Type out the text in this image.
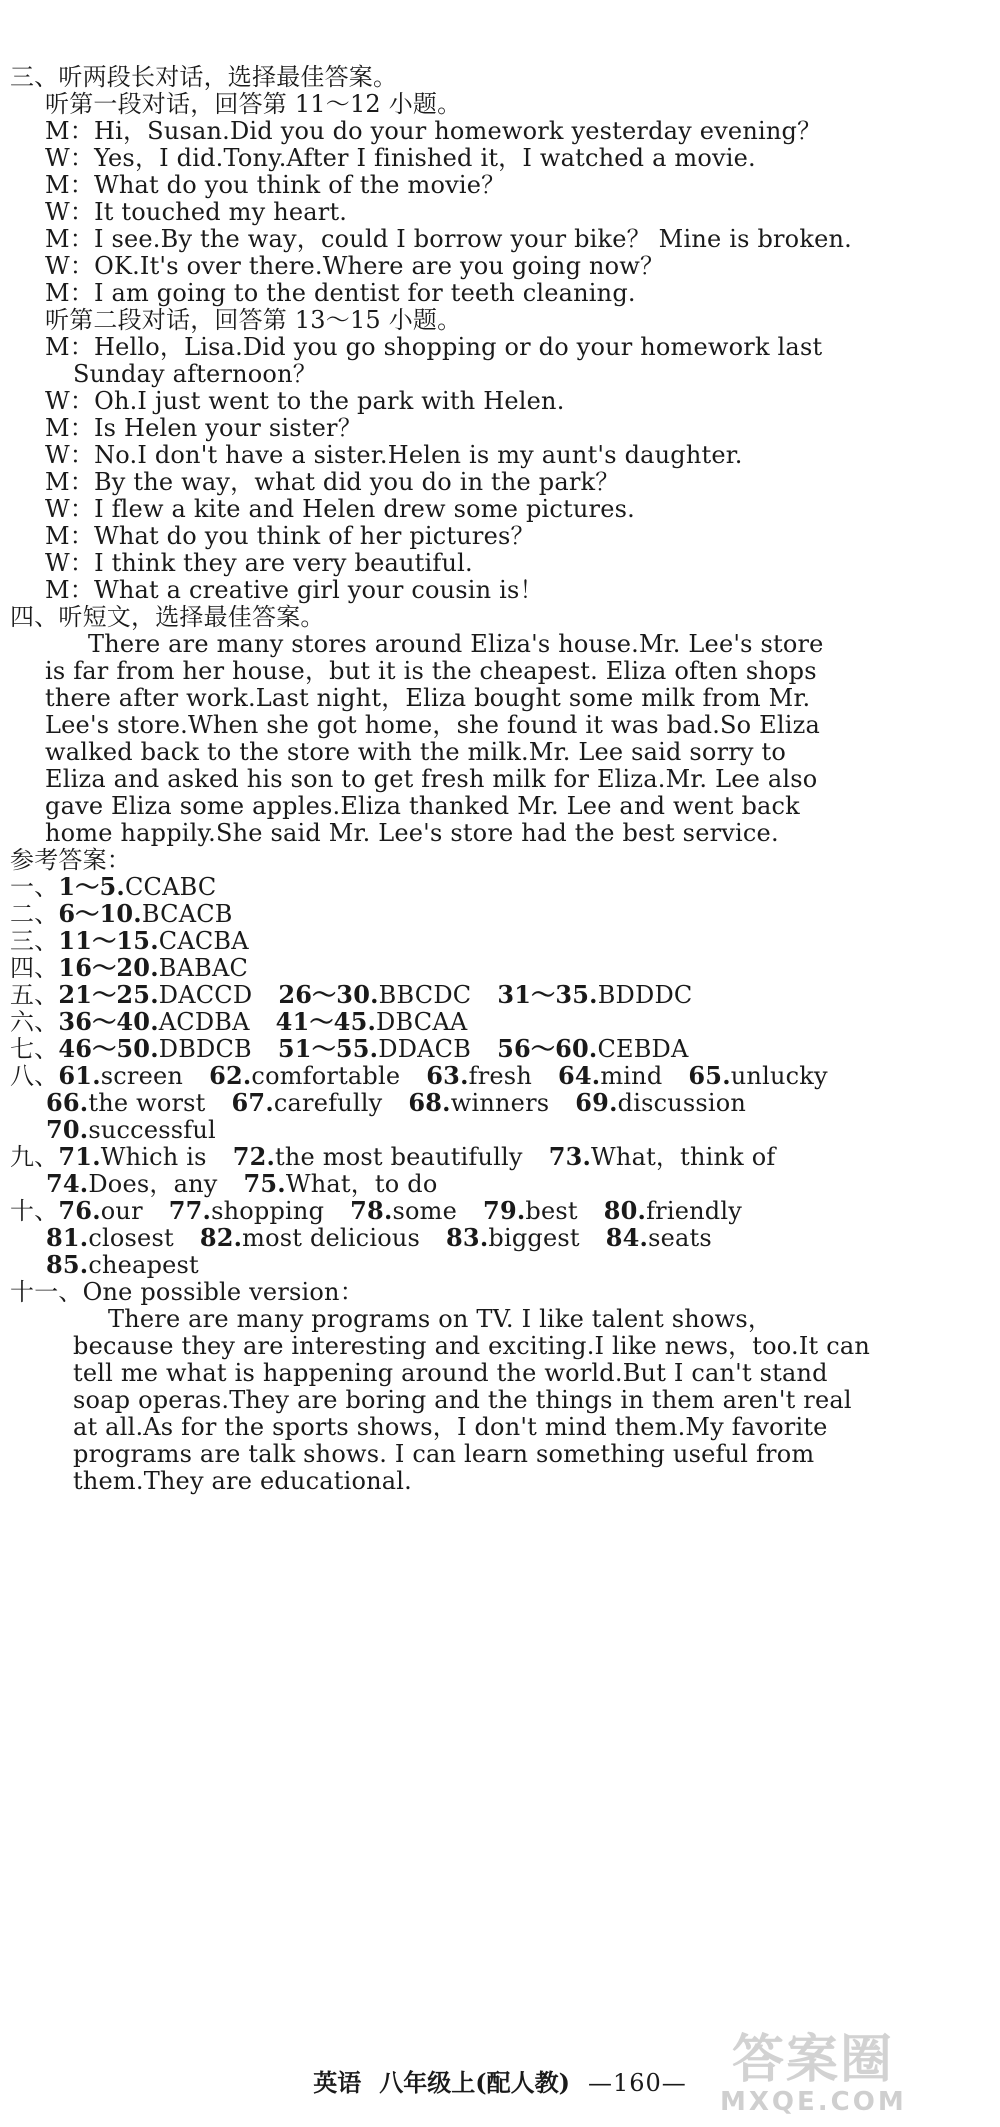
三、听两段长对话，选择最佳答案。
听第一段对话，回答第 11～12 小题。
M：Hi，Susan.Did you do your homework yesterday evening？
W：Yes，I did.Tony.After I finished it，I watched a movie.
M：What do you think of the movie？
W：It touched my heart.
M：I see.By the way，could I borrow your bike？ Mine is broken.
W：OK.It's over there.Where are you going now？
M：I am going to the dentist for teeth cleaning.
听第二段对话，回答第 13～15 小题。
M：Hello，Lisa.Did you go shopping or do your homework last
Sunday afternoon？
W：Oh.I just went to the park with Helen.
M：Is Helen your sister？
W：No.I don't have a sister.Helen is my aunt's daughter.
M：By the way，what did you do in the park？
W：I flew a kite and Helen drew some pictures.
M：What do you think of her pictures？
W：I think they are very beautiful.
M：What a creative girl your cousin is！
四、听短文，选择最佳答案。
There are many stores around Eliza's house.Mr. Lee's store
is far from her house，but it is the cheapest. Eliza often shops
there after work.Last night，Eliza bought some milk from Mr.
Lee's store.When she got home，she found it was bad.So Eliza
walked back to the store with the milk.Mr. Lee said sorry to
Eliza and asked his son to get fresh milk for Eliza.Mr. Lee also
gave Eliza some apples.Eliza thanked Mr. Lee and went back
home happily.She said Mr. Lee's store had the best service.
参考答案：
一、1～5.CCABC
二、6～10.BCACB
三、11～15.CACBA
四、16～20.BABAC
五、21～25.DACCD 26～30.BBCDC 31～35.BDDDC
六、36～40.ACDBA 41～45.DBCAA
七、46～50.DBDCB 51～55.DDACB 56～60.CEBDA
八、61.screen 62.comfortable 63.fresh 64.mind 65.unlucky
66.the worst 67.carefully 68.winners 69.discussion
70.successful
九、71.Which is 72.the most beautifully 73.What，think of
74.Does，any 75.What，to do
十、76.our 77.shopping 78.some 79.best 80.friendly
81.closest 82.most delicious 83.biggest 84.seats
85.cheapest
十一、One possible version：
There are many programs on TV. I like talent shows，
because they are interesting and exciting.I like news，too.It can
tell me what is happening around the world.But I can't stand
soap operas.They are boring and the things in them aren't real
at all.As for the sports shows，I don't mind them.My favorite
programs are talk shows. I can learn something useful from
them.They are educational.
英语 八年级上(配人教) —160— 答案圈
MXQE.COM
